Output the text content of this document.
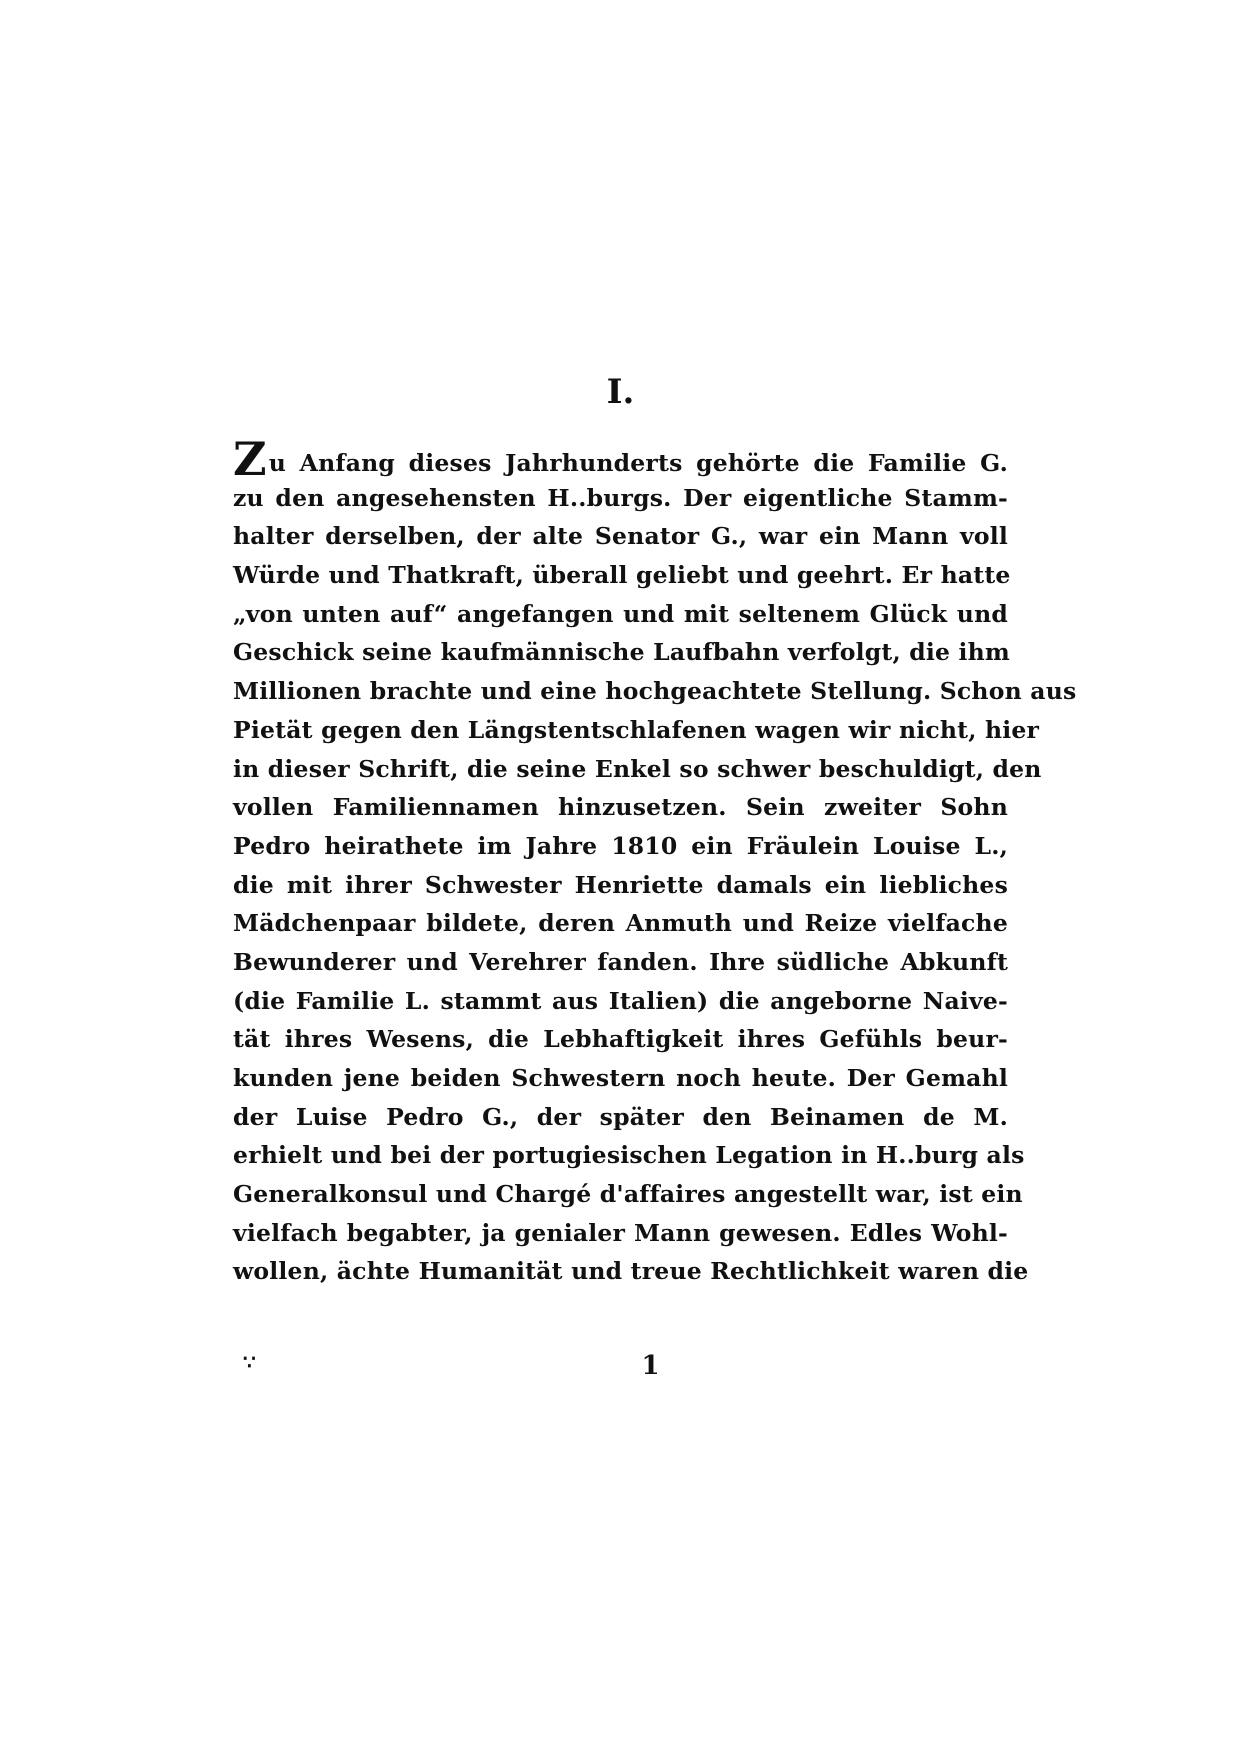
I.
Zu Anfang dieses Jahrhunderts gehörte die Familie G.
zu den angesehensten H..burgs. Der eigentliche Stamm-
halter derselben, der alte Senator G., war ein Mann voll
Würde und Thatkraft, überall geliebt und geehrt. Er hatte
„von unten auf“ angefangen und mit seltenem Glück und
Geschick seine kaufmännische Laufbahn verfolgt, die ihm
Millionen brachte und eine hochgeachtete Stellung. Schon aus
Pietät gegen den Längstentschlafenen wagen wir nicht, hier
in dieser Schrift, die seine Enkel so schwer beschuldigt, den
vollen Familiennamen hinzusetzen. Sein zweiter Sohn
Pedro heirathete im Jahre 1810 ein Fräulein Louise L.,
die mit ihrer Schwester Henriette damals ein liebliches
Mädchenpaar bildete, deren Anmuth und Reize vielfache
Bewunderer und Verehrer fanden. Ihre südliche Abkunft
(die Familie L. stammt aus Italien) die angeborne Naive-
tät ihres Wesens, die Lebhaftigkeit ihres Gefühls beur-
kunden jene beiden Schwestern noch heute. Der Gemahl
der Luise Pedro G., der später den Beinamen de M.
erhielt und bei der portugiesischen Legation in H..burg als
Generalkonsul und Chargé d'affaires angestellt war, ist ein
vielfach begabter, ja genialer Mann gewesen. Edles Wohl-
wollen, ächte Humanität und treue Rechtlichkeit waren die
∵	1
